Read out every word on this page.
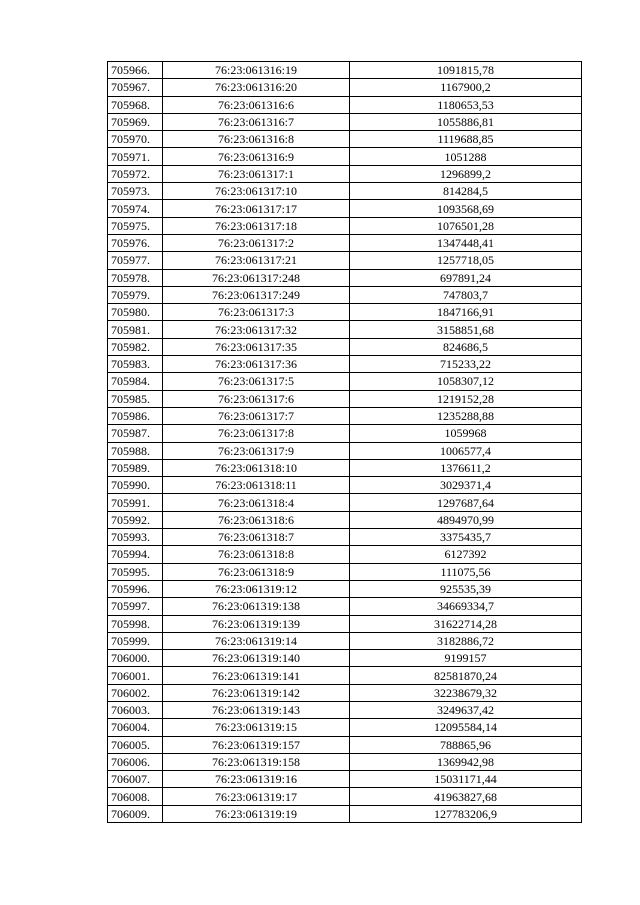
705966.	76:23:061316:19	1091815,78
705967.	76:23:061316:20	1167900,2
705968.	76:23:061316:6	1180653,53
705969.	76:23:061316:7	1055886,81
705970.	76:23:061316:8	1119688,85
705971.	76:23:061316:9	1051288
705972.	76:23:061317:1	1296899,2
705973.	76:23:061317:10	814284,5
705974.	76:23:061317:17	1093568,69
705975.	76:23:061317:18	1076501,28
705976.	76:23:061317:2	1347448,41
705977.	76:23:061317:21	1257718,05
705978.	76:23:061317:248	697891,24
705979.	76:23:061317:249	747803,7
705980.	76:23:061317:3	1847166,91
705981.	76:23:061317:32	3158851,68
705982.	76:23:061317:35	824686,5
705983.	76:23:061317:36	715233,22
705984.	76:23:061317:5	1058307,12
705985.	76:23:061317:6	1219152,28
705986.	76:23:061317:7	1235288,88
705987.	76:23:061317:8	1059968
705988.	76:23:061317:9	1006577,4
705989.	76:23:061318:10	1376611,2
705990.	76:23:061318:11	3029371,4
705991.	76:23:061318:4	1297687,64
705992.	76:23:061318:6	4894970,99
705993.	76:23:061318:7	3375435,7
705994.	76:23:061318:8	6127392
705995.	76:23:061318:9	111075,56
705996.	76:23:061319:12	925535,39
705997.	76:23:061319:138	34669334,7
705998.	76:23:061319:139	31622714,28
705999.	76:23:061319:14	3182886,72
706000.	76:23:061319:140	9199157
706001.	76:23:061319:141	82581870,24
706002.	76:23:061319:142	32238679,32
706003.	76:23:061319:143	3249637,42
706004.	76:23:061319:15	12095584,14
706005.	76:23:061319:157	788865,96
706006.	76:23:061319:158	1369942,98
706007.	76:23:061319:16	15031171,44
706008.	76:23:061319:17	41963827,68
706009.	76:23:061319:19	127783206,9
